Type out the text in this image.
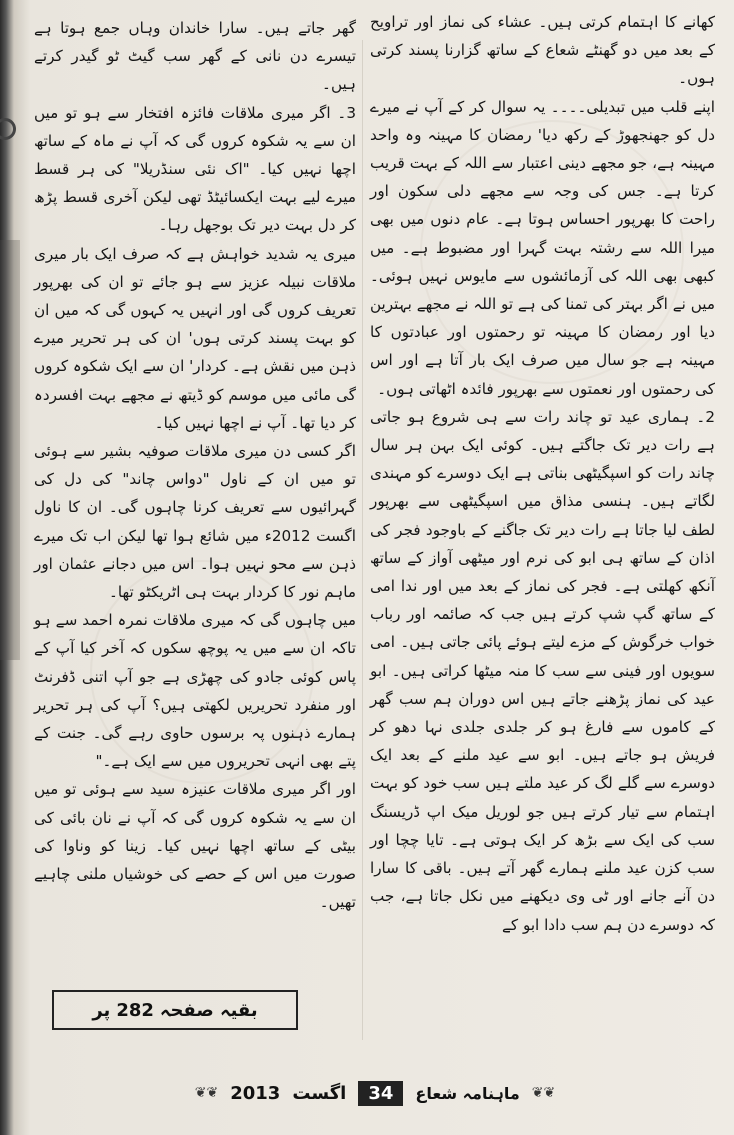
کھانے کا اہتمام کرتی ہیں۔ عشاء کی نماز اور تراویح کے بعد میں دو گھنٹے شعاع کے ساتھ گزارنا پسند کرتی ہوں۔

اپنے قلب میں تبدیلی۔۔۔۔ یہ سوال کر کے آپ نے میرے دل کو جھنجھوڑ کے رکھ دیا' رمضان کا مہینہ وہ واحد مہینہ ہے، جو مجھے دینی اعتبار سے اللہ کے بہت قریب کرتا ہے۔ جس کی وجہ سے مجھے دلی سکون اور راحت کا بھرپور احساس ہوتا ہے۔ عام دنوں میں بھی میرا اللہ سے رشتہ بہت گہرا اور مضبوط ہے۔ میں کبھی بھی اللہ کی آزمائشوں سے مایوس نہیں ہوئی۔ میں نے اگر بہتر کی تمنا کی ہے تو اللہ نے مجھے بہترین دیا اور رمضان کا مہینہ تو رحمتوں اور عبادتوں کا مہینہ ہے جو سال میں صرف ایک بار آتا ہے اور اس کی رحمتوں اور نعمتوں سے بھرپور فائدہ اٹھاتی ہوں۔

2۔ ہماری عید تو چاند رات سے ہی شروع ہو جاتی ہے رات دیر تک جاگتے ہیں۔ کوئی ایک بہن ہر سال چاند رات کو اسپگیٹھی بناتی ہے ایک دوسرے کو مہندی لگاتے ہیں۔ ہنسی مذاق میں اسپگیٹھی سے بھرپور لطف لیا جاتا ہے رات دیر تک جاگنے کے باوجود فجر کی اذان کے ساتھ ہی ابو کی نرم اور میٹھی آواز کے ساتھ آنکھ کھلتی ہے۔ فجر کی نماز کے بعد میں اور ندا امی کے ساتھ گپ شپ کرتے ہیں جب کہ صائمہ اور رباب خواب خرگوش کے مزے لیتے ہوئے پائی جاتی ہیں۔ امی سویوں اور فینی سے سب کا منہ میٹھا کراتی ہیں۔ ابو عید کی نماز پڑھنے جاتے ہیں اس دوران ہم سب گھر کے کاموں سے فارغ ہو کر جلدی جلدی نہا دھو کر فریش ہو جاتے ہیں۔ ابو سے عید ملنے کے بعد ایک دوسرے سے گلے لگ کر عید ملتے ہیں سب خود کو بہت اہتمام سے تیار کرتے ہیں جو لوریل میک اپ ڈریسنگ سب کی ایک سے بڑھ کر ایک ہوتی ہے۔ تایا چچا اور سب کزن عید ملنے ہمارے گھر آتے ہیں۔ باقی کا سارا دن آنے جانے اور ٹی وی دیکھنے میں نکل جاتا ہے، جب کہ دوسرے دن ہم سب دادا ابو کے

گھر جاتے ہیں۔ سارا خاندان وہاں جمع ہوتا ہے تیسرے دن نانی کے گھر سب گیٹ ٹو گیدر کرتے ہیں۔

3۔ اگر میری ملاقات فائزہ افتخار سے ہو تو میں ان سے یہ شکوہ کروں گی کہ آپ نے ماہ کے ساتھ اچھا نہیں کیا۔ "اک نئی سنڈریلا" کی ہر قسط میرے لیے بہت ایکسائیٹڈ تھی لیکن آخری قسط پڑھ کر دل بہت دیر تک بوجھل رہا۔

میری یہ شدید خواہش ہے کہ صرف ایک بار میری ملاقات نبیلہ عزیز سے ہو جائے تو ان کی بھرپور تعریف کروں گی اور انہیں یہ کہوں گی کہ میں ان کو بہت پسند کرتی ہوں' ان کی ہر تحریر میرے ذہن میں نقش ہے۔ کردار' ان سے ایک شکوہ کروں گی مائی میں موسم کو ڈیتھ نے مجھے بہت افسردہ کر دیا تھا۔ آپ نے اچھا نہیں کیا۔

اگر کسی دن میری ملاقات صوفیہ بشیر سے ہوئی تو میں ان کے ناول "دواس چاند" کی دل کی گہرائیوں سے تعریف کرنا چاہوں گی۔ ان کا ناول اگست 2012ء میں شائع ہوا تھا لیکن اب تک میرے ذہن سے محو نہیں ہوا۔ اس میں دجانے عثمان اور ماہم نور کا کردار بہت ہی اٹریکٹو تھا۔

میں چاہوں گی کہ میری ملاقات نمرہ احمد سے ہو تاکہ ان سے میں یہ پوچھ سکوں کہ آخر کیا آپ کے پاس کوئی جادو کی چھڑی ہے جو آپ اتنی ڈفرنٹ اور منفرد تحریریں لکھتی ہیں؟ آپ کی ہر تحریر ہمارے ذہنوں پہ برسوں حاوی رہے گی۔ جنت کے پتے بھی انہی تحریروں میں سے ایک ہے۔"

اور اگر میری ملاقات عنیزہ سید سے ہوئی تو میں ان سے یہ شکوہ کروں گی کہ آپ نے نان بائی کی بیٹی کے ساتھ اچھا نہیں کیا۔ زینا کو وناوا کی صورت میں اس کے حصے کی خوشیاں ملنی چاہیے تھیں۔

بقیہ صفحہ
282
پر
❦❦
ماہنامہ شعاع
34
اگست
2013
❦❦
